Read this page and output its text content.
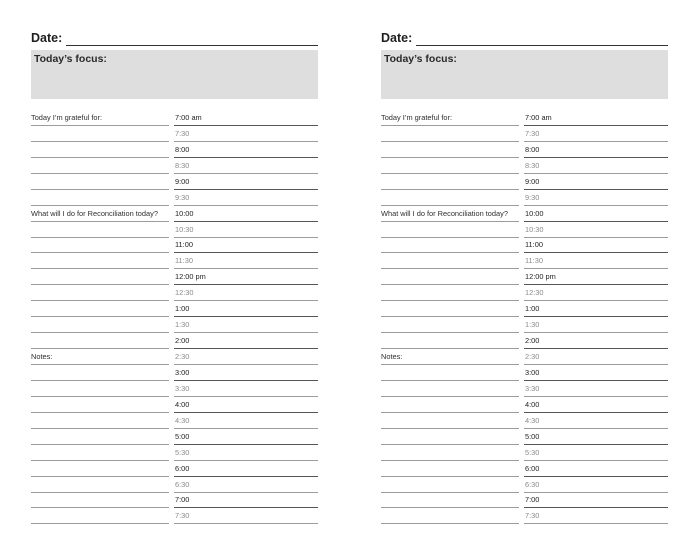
Date:
Today’s focus:
Today I’m grateful for:
What will I do for Reconciliation today?
Notes:
7:00 am
7:30
8:00
8:30
9:00
9:30
10:00
10:30
11:00
11:30
12:00 pm
12:30
1:00
1:30
2:00
2:30
3:00
3:30
4:00
4:30
5:00
5:30
6:00
6:30
7:00
7:30
Date:
Today’s focus:
Today I’m grateful for:
What will I do for Reconciliation today?
Notes:
7:00 am
7:30
8:00
8:30
9:00
9:30
10:00
10:30
11:00
11:30
12:00 pm
12:30
1:00
1:30
2:00
2:30
3:00
3:30
4:00
4:30
5:00
5:30
6:00
6:30
7:00
7:30
